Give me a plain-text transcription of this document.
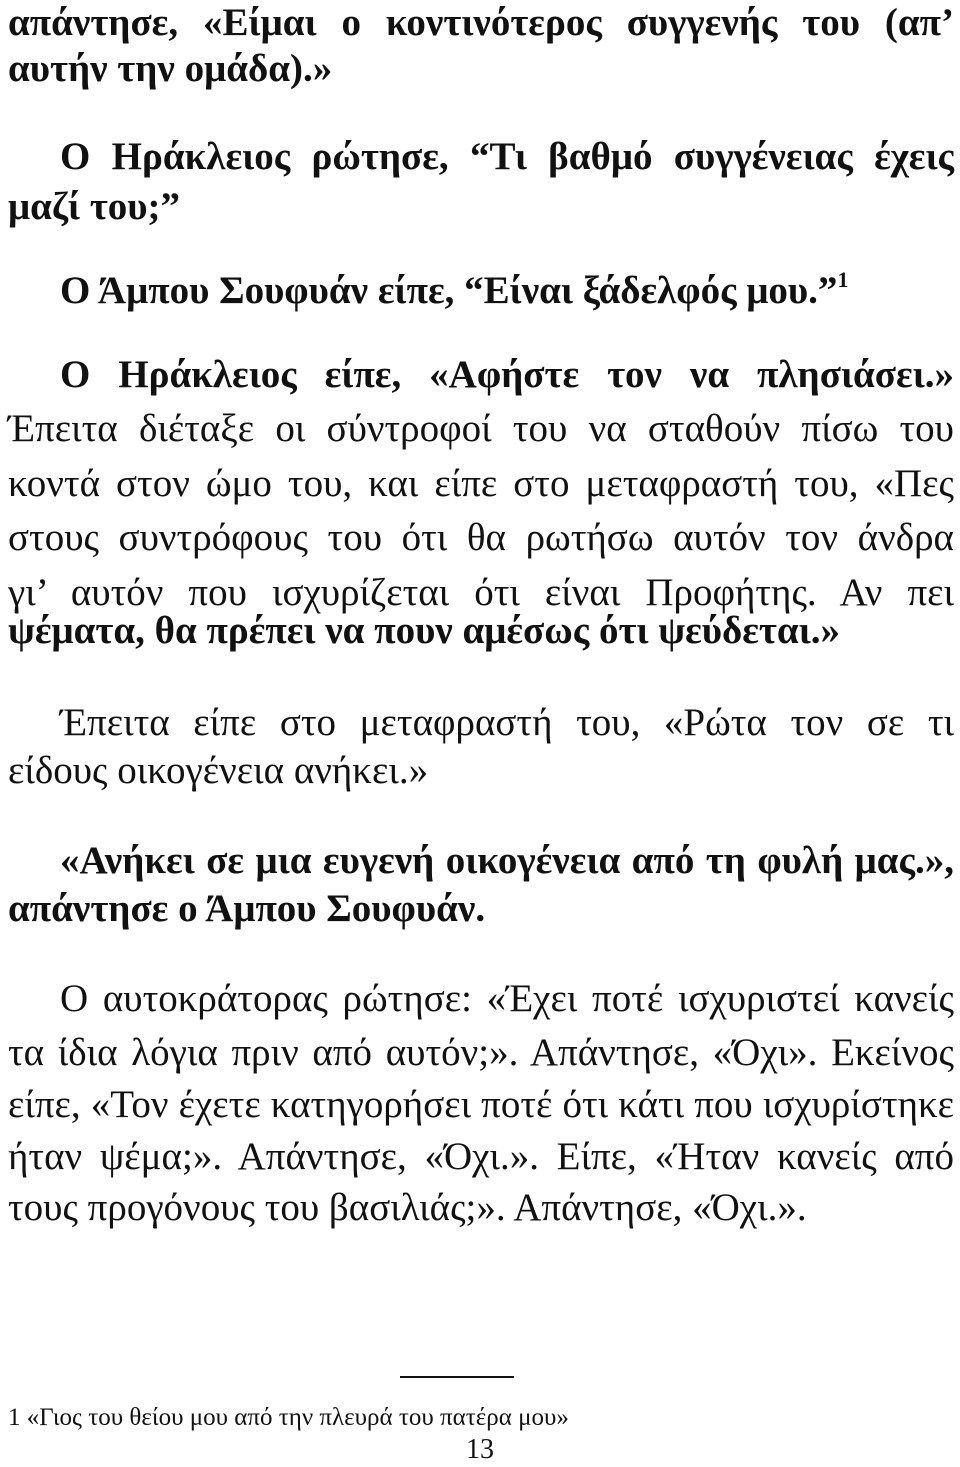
απάντησε, «Είμαι ο κοντινότερος συγγενής του (απ’
αυτήν την ομάδα).»
Ο Ηράκλειος ρώτησε, “Τι βαθμό συγγένειας έχεις
μαζί του;”
Ο Άμπου Σουφυάν είπε, “Είναι ξάδελφός μου.”$^1$
Ο Ηράκλειος είπε, «Αφήστε τον να πλησιάσει.»
Έπειτα διέταξε οι σύντροφοί του να σταθούν πίσω του
κοντά στον ώμο του, και είπε στο μεταφραστή του, «Πες
στους συντρόφους του ότι θα ρωτήσω αυτόν τον άνδρα
γι’ αυτόν που ισχυρίζεται ότι είναι Προφήτης. Αν πει
ψέματα, θα πρέπει να πουν αμέσως ότι ψεύδεται.»
Έπειτα είπε στο μεταφραστή του, «Ρώτα τον σε τι
είδους οικογένεια ανήκει.»
«Ανήκει σε μια ευγενή οικογένεια από τη φυλή μας.»,
απάντησε ο Άμπου Σουφυάν.
Ο αυτοκράτορας ρώτησε: «Έχει ποτέ ισχυριστεί κανείς
τα ίδια λόγια πριν από αυτόν;». Απάντησε, «Όχι». Εκείνος
είπε, «Τον έχετε κατηγορήσει ποτέ ότι κάτι που ισχυρίστηκε
ήταν ψέμα;». Απάντησε, «Όχι.». Είπε, «Ήταν κανείς από
τους προγόνους του βασιλιάς;». Απάντησε, «Όχι.».
1 «Γιος του θείου μου από την πλευρά του πατέρα μου»
13
